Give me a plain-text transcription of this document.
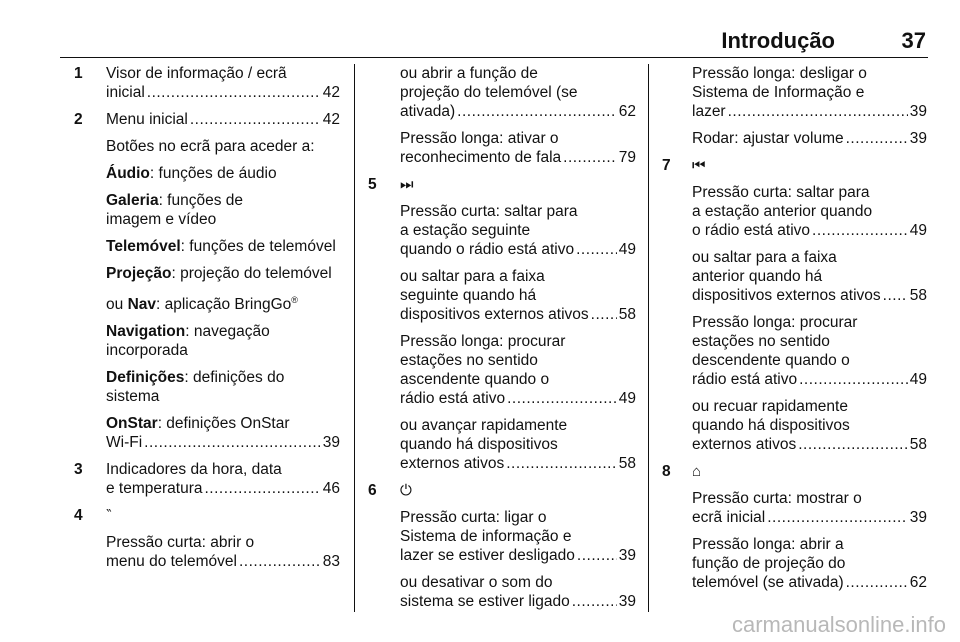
Introdução	37
1 Visor de informação / ecrã
inicial .....	42
2 Menu inicial .....	42
Botões no ecrã para aceder a:
Áudio: funções de áudio
Galeria: funções de
imagem e vídeo
Telemóvel: funções de telemóvel
Projeção: projeção do telemóvel
ou Nav: aplicação BringGo®
Navigation: navegação
incorporada
Definições: definições do
sistema
OnStar : definições OnStar
Wi-Fi .....	39
3 Indicadores da hora, data
e temperatura .....	46
4 ‶
Pressão curta: abrir o
menu do telemóvel .....	83
ou abrir a função de
projeção do telemóvel (se
ativada) .....	62
Pressão longa: ativar o
reconhecimento de fala .....	79
5 ⏭
Pressão curta: saltar para
a estação seguinte
quando o rádio está ativo .....	49
ou saltar para a faixa
seguinte quando há
dispositivos externos ativos ..... 58
Pressão longa: procurar
estações no sentido
ascendente quando o
rádio está ativo .....	49
ou avançar rapidamente
quando há dispositivos
externos ativos .....	58
6 ⏻
Pressão curta: ligar o
Sistema de informação e
lazer se estiver desligado .....	39
ou desativar o som do
sistema se estiver ligado .....	39
Pressão longa: desligar o
Sistema de Informação e
lazer .....	39
Rodar: ajustar volume .....	39
7 ⏮
Pressão curta: saltar para
a estação anterior quando
o rádio está ativo .....	49
ou saltar para a faixa
anterior quando há
dispositivos externos ativos ..... 58
Pressão longa: procurar
estações no sentido
descendente quando o
rádio está ativo .....	49
ou recuar rapidamente
quando há dispositivos
externos ativos .....	58
8 ⌂
Pressão curta: mostrar o
ecrã inicial .....	39
Pressão longa: abrir a
função de projeção do
telemóvel (se ativada) .....	62
carmanualsonline.info
